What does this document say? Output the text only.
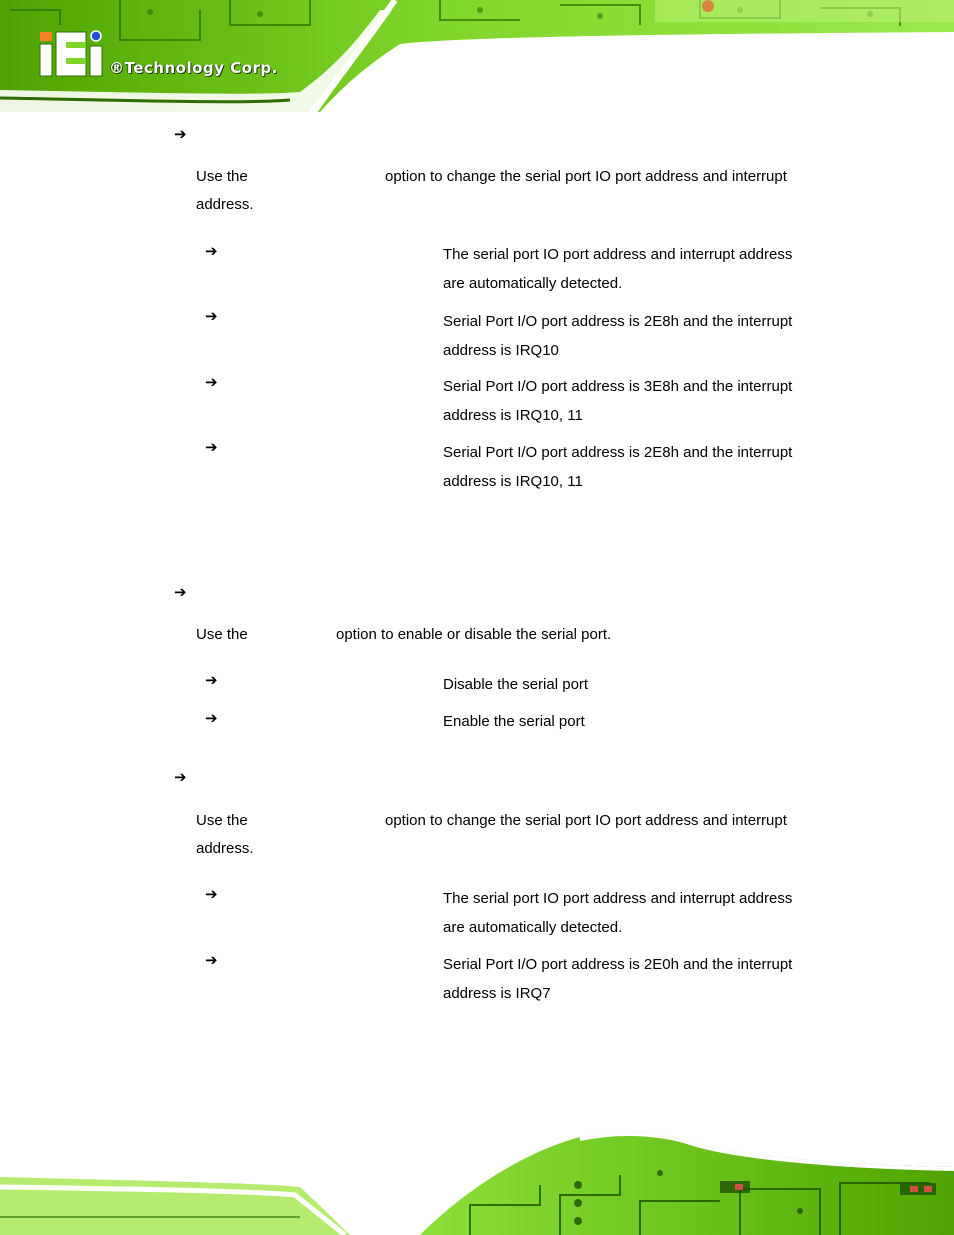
®Technology Corp.
➔
Use the	option to change the serial port IO port address and interrupt
address.
➔	The serial port IO port address and interrupt address
are automatically detected.
➔	Serial Port I/O port address is 2E8h and the interrupt
address is IRQ10
➔	Serial Port I/O port address is 3E8h and the interrupt
address is IRQ10, 11
➔	Serial Port I/O port address is 2E8h and the interrupt
address is IRQ10, 11
➔
Use the	option to enable or disable the serial port.
➔	Disable the serial port
➔	Enable the serial port
➔
Use the	option to change the serial port IO port address and interrupt
address.
➔	The serial port IO port address and interrupt address
are automatically detected.
➔	Serial Port I/O port address is 2E0h and the interrupt
address is IRQ7
